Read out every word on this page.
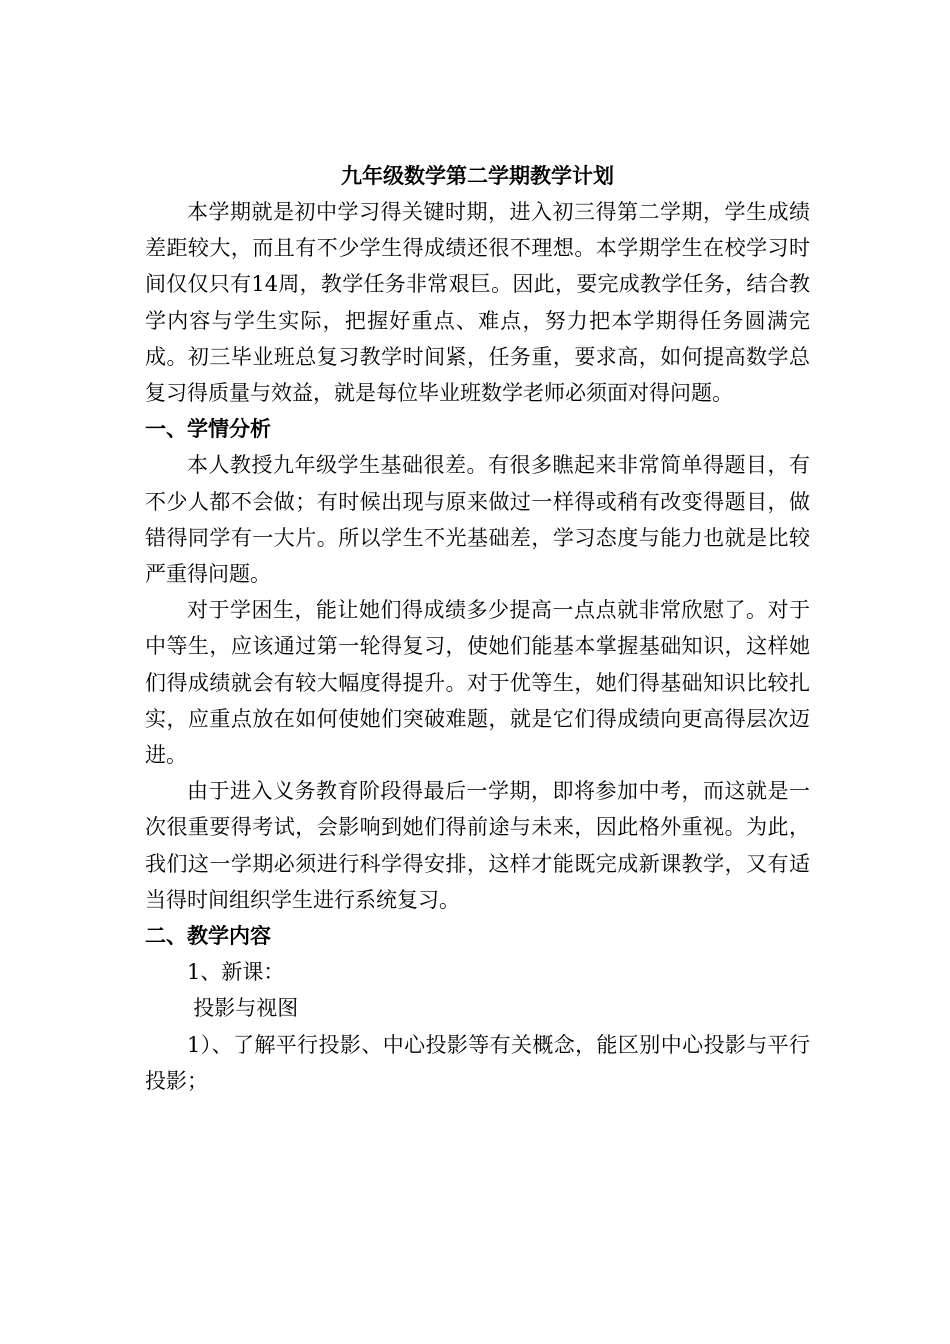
九年级数学第二学期教学计划

本学期就是初中学习得关键时期，进入初三得第二学期，学生成绩差距较大，而且有不少学生得成绩还很不理想。本学期学生在校学习时间仅仅只有14周，教学任务非常艰巨。因此，要完成教学任务，结合教学内容与学生实际，把握好重点、难点，努力把本学期得任务圆满完成。初三毕业班总复习教学时间紧，任务重，要求高，如何提高数学总复习得质量与效益，就是每位毕业班数学老师必须面对得问题。

一、学情分析

本人教授九年级学生基础很差。有很多瞧起来非常简单得题目，有不少人都不会做；有时候出现与原来做过一样得或稍有改变得题目，做错得同学有一大片。所以学生不光基础差，学习态度与能力也就是比较严重得问题。

对于学困生，能让她们得成绩多少提高一点点就非常欣慰了。对于中等生，应该通过第一轮得复习，使她们能基本掌握基础知识，这样她们得成绩就会有较大幅度得提升。对于优等生，她们得基础知识比较扎实，应重点放在如何使她们突破难题，就是它们得成绩向更高得层次迈进。

由于进入义务教育阶段得最后一学期，即将参加中考，而这就是一次很重要得考试，会影响到她们得前途与未来，因此格外重视。为此，我们这一学期必须进行科学得安排，这样才能既完成新课教学，又有适当得时间组织学生进行系统复习。

二、教学内容

1、新课：

投影与视图

1）、了解平行投影、中心投影等有关概念，能区别中心投影与平行投影；
